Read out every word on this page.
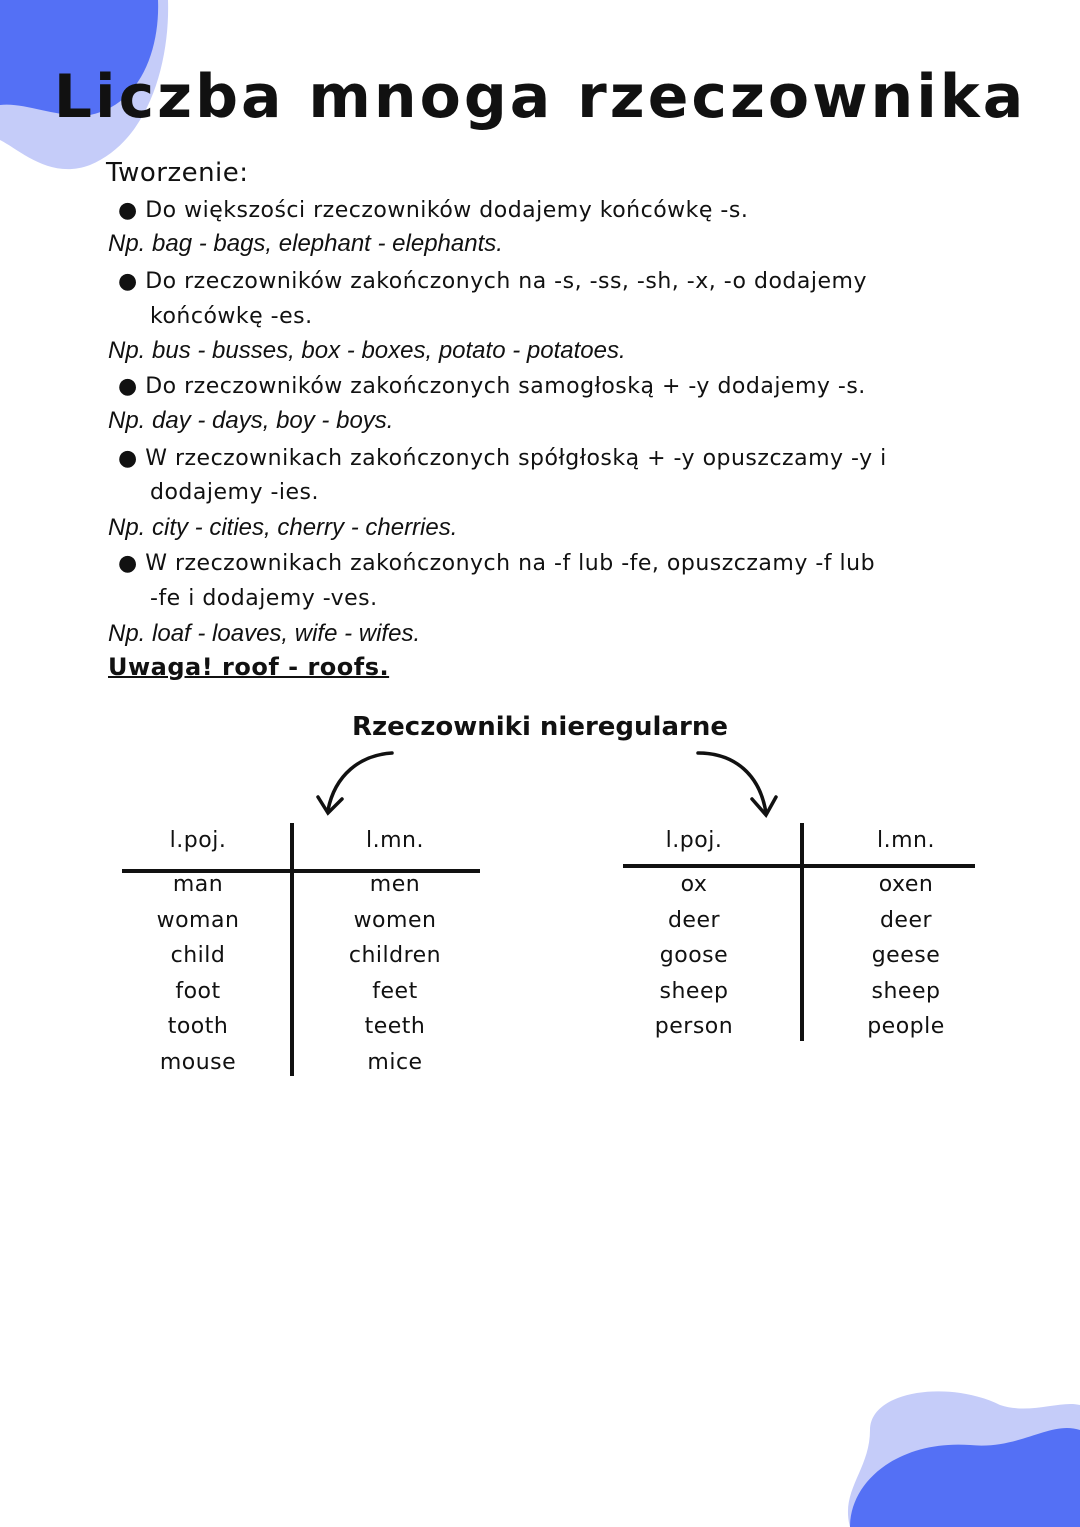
Liczba mnoga rzeczownika
Tworzenie:
● Do większości rzeczowników dodajemy końcówkę -s.
Np. bag - bags, elephant - elephants.
● Do rzeczowników zakończonych na -s, -ss, -sh, -x, -o dodajemy
końcówkę -es.
Np. bus - busses, box - boxes, potato - potatoes.
● Do rzeczowników zakończonych samogłoską + -y dodajemy -s.
Np. day - days, boy - boys.
● W rzeczownikach zakończonych spółgłoską + -y opuszczamy -y i
dodajemy -ies.
Np. city - cities, cherry - cherries.
● W rzeczownikach zakończonych na -f lub -fe, opuszczamy -f lub
-fe i dodajemy -ves.
Np. loaf - loaves, wife - wifes.
Uwaga! roof - roofs.
Rzeczowniki nieregularne
l.poj.	l.mn.
man	men
woman	women
child	children
foot	feet
tooth	teeth
mouse	mice
l.poj.	l.mn.
ox	oxen
deer	deer
goose	geese
sheep	sheep
person	people
